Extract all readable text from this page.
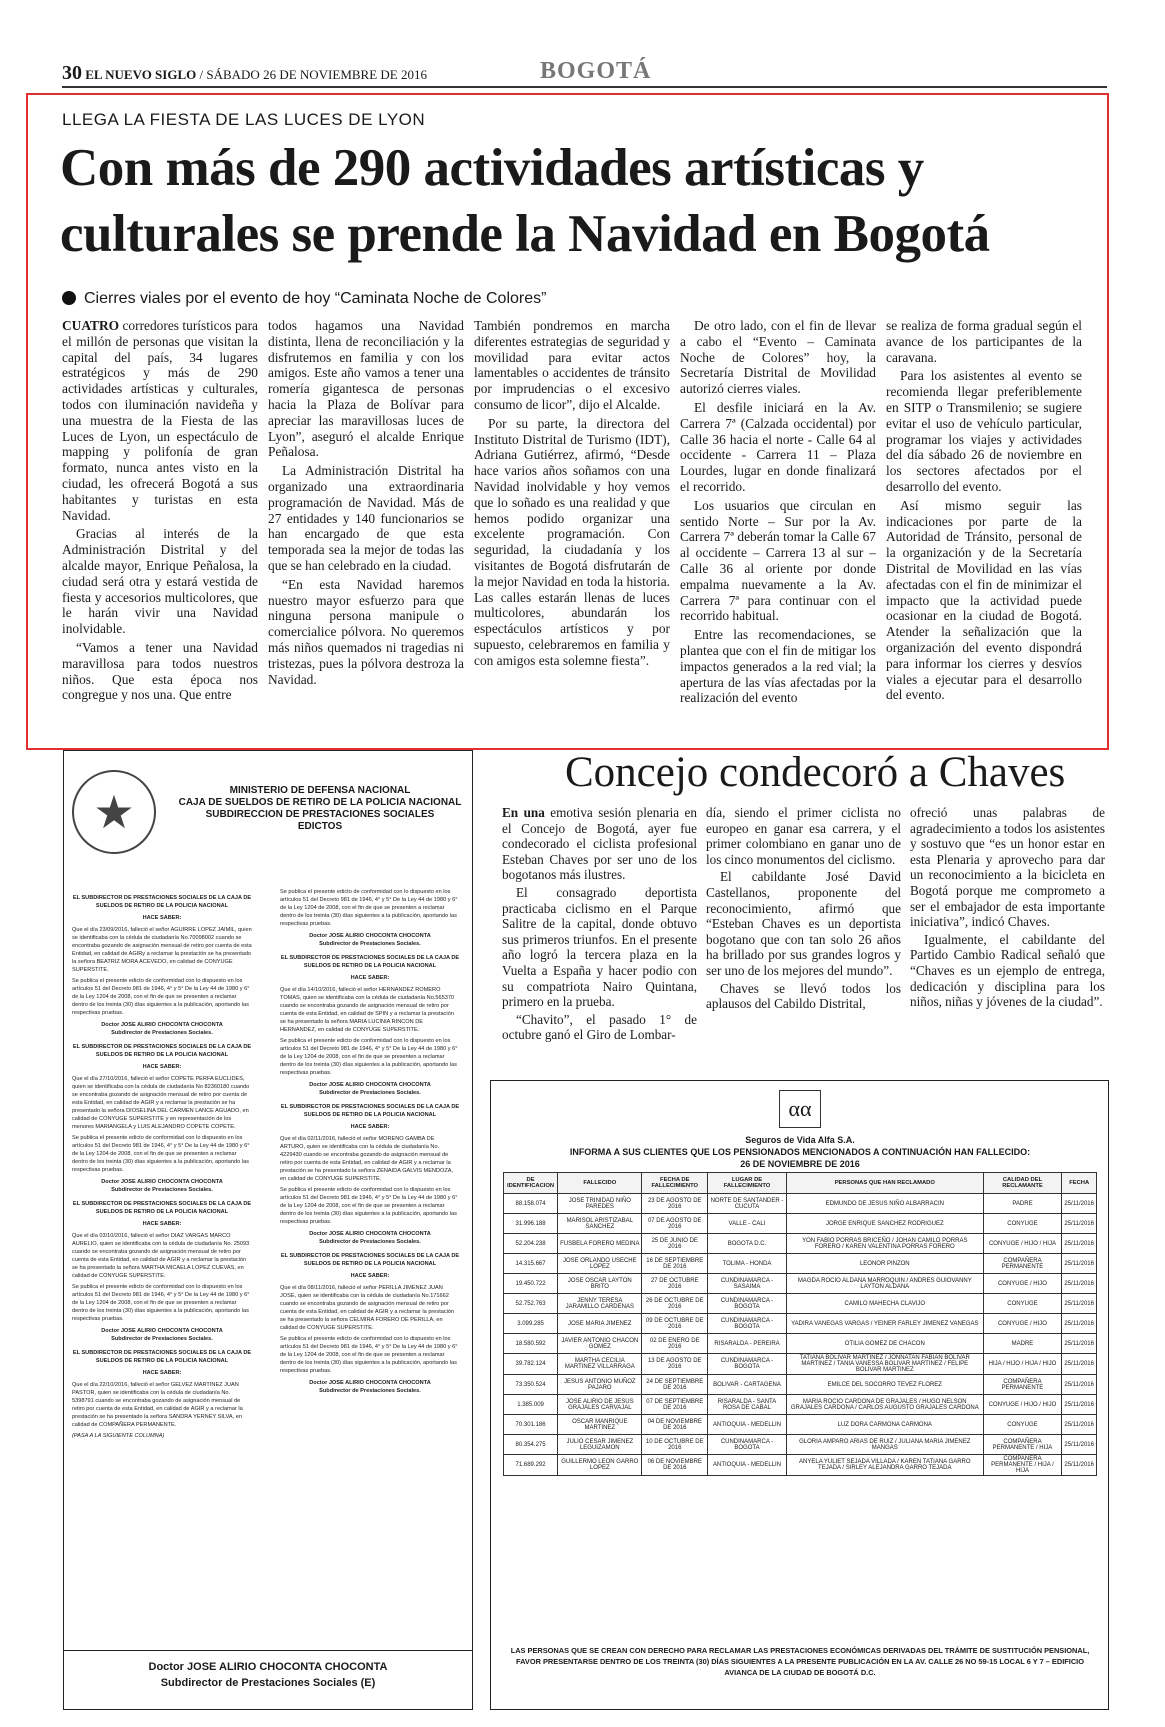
30 EL NUEVO SIGLO / SÁBADO 26 DE NOVIEMBRE DE 2016	BOGOTÁ
LLEGA LA FIESTA DE LAS LUCES DE LYON
Con más de 290 actividades artísticas y culturales se prende la Navidad en Bogotá
Cierres viales por el evento de hoy “Caminata Noche de Colores”

CUATRO corredores turísticos para el millón de personas que visitan la capital del país, 34 lugares estratégicos y más de 290 actividades artísticas y culturales, todos con iluminación navideña y una muestra de la Fiesta de las Luces de Lyon, un espectáculo de mapping y polifonía de gran formato, nunca antes visto en la ciudad, les ofrecerá Bogotá a sus habitantes y turistas en esta Navidad.

Gracias al interés de la Administración Distrital y del alcalde mayor, Enrique Peñalosa, la ciudad será otra y estará vestida de fiesta y accesorios multicolores, que le harán vivir una Navidad inolvidable.

“Vamos a tener una Navidad maravillosa para todos nuestros niños. Que esta época nos congregue y nos una. Que entre

todos hagamos una Navidad distinta, llena de reconciliación y la disfrutemos en familia y con los amigos. Este año vamos a tener una romería gigantesca de personas hacia la Plaza de Bolívar para apreciar las maravillosas luces de Lyon”, aseguró el alcalde Enrique Peñalosa.

La Administración Distrital ha organizado una extraordinaria programación de Navidad. Más de 27 entidades y 140 funcionarios se han encargado de que esta temporada sea la mejor de todas las que se han celebrado en la ciudad.

“En esta Navidad haremos nuestro mayor esfuerzo para que ninguna persona manipule o comercialice pólvora. No queremos más niños quemados ni tragedias ni tristezas, pues la pólvora destroza la Navidad.

También pondremos en marcha diferentes estrategias de seguridad y movilidad para evitar actos lamentables o accidentes de tránsito por imprudencias o el excesivo consumo de licor”, dijo el Alcalde.

Por su parte, la directora del Instituto Distrital de Turismo (IDT), Adriana Gutiérrez, afirmó, “Desde hace varios años soñamos con una Navidad inolvidable y hoy vemos que lo soñado es una realidad y que hemos podido organizar una excelente programación. Con seguridad, la ciudadanía y los visitantes de Bogotá disfrutarán de la mejor Navidad en toda la historia. Las calles estarán llenas de luces multicolores, abundarán los espectáculos artísticos y por supuesto, celebraremos en familia y con amigos esta solemne fiesta”.

De otro lado, con el fin de llevar a cabo el “Evento – Caminata Noche de Colores” hoy, la Secretaría Distrital de Movilidad autorizó cierres viales.

El desfile iniciará en la Av. Carrera 7ª (Calzada occidental) por Calle 36 hacia el norte - Calle 64 al occidente - Carrera 11 – Plaza Lourdes, lugar en donde finalizará el recorrido.

Los usuarios que circulan en sentido Norte – Sur por la Av. Carrera 7ª deberán tomar la Calle 67 al occidente – Carrera 13 al sur – Calle 36 al oriente por donde empalma nuevamente a la Av. Carrera 7ª para continuar con el recorrido habitual.

Entre las recomendaciones, se plantea que con el fin de mitigar los impactos generados a la red vial; la apertura de las vías afectadas por la realización del evento

se realiza de forma gradual según el avance de los participantes de la caravana.

Para los asistentes al evento se recomienda llegar preferiblemente en SITP o Transmilenio; se sugiere evitar el uso de vehículo particular, programar los viajes y actividades del día sábado 26 de noviembre en los sectores afectados por el desarrollo del evento.

Así mismo seguir las indicaciones por parte de la Autoridad de Tránsito, personal de la organización y de la Secretaría Distrital de Movilidad en las vías afectadas con el fin de minimizar el impacto que la actividad puede ocasionar en la ciudad de Bogotá. Atender la señalización que la organización del evento dispondrá para informar los cierres y desvíos viales a ejecutar para el desarrollo del evento.

★	MINISTERIO DE DEFENSA NACIONAL
CAJA DE SUELDOS DE RETIRO DE LA POLICIA NACIONAL
SUBDIRECCION DE PRESTACIONES SOCIALES
EDICTOS
EL SUBDIRECTOR DE PRESTACIONES SOCIALES DE LA CAJA DE SUELDOS DE RETIRO DE LA POLICIA NACIONAL
HACE SABER:

Que el día 23/09/2016, falleció el señor AGUIRRE LOPEZ JAIMIL, quien se identificaba con la cédula de ciudadanía No.70098002 cuando se encontraba gozando de asignación mensual de retiro por cuenta de esta Entidad, en calidad de AGIRy a reclamar la prestación se ha presentado la señora BEATRIZ MORA ACEVEDO, en calidad de CONYUGE SUPERSTITE.

Se publica el presente edicto de conformidad con lo dispuesto en los artículos 51 del Decreto 981 de 1946, 4° y 5° De la Ley 44 de 1980 y 6° de la Ley 1204 de 2008, con el fin de que se presenten a reclamar dentro de los treinta (30) días siguientes a la publicación, aportando las respectivas pruebas.

Doctor JOSE ALIRIO CHOCONTA CHOCONTA
Subdirector de Prestaciones Sociales.
EL SUBDIRECTOR DE PRESTACIONES SOCIALES DE LA CAJA DE SUELDOS DE RETIRO DE LA POLICIA NACIONAL
HACE SABER:

Que el día 27/10/2016, falleció el señor COPETE PERFA EUCLIDES, quien se identificaba con la cédula de ciudadanía No 82360180 cuando se encontraba gozando de asignación mensual de retiro por cuenta de esta Entidad, en calidad de AGIR y a reclamar la prestación se ha presentado la señora DIOSELINA DEL CARMEN LANCE AGUADO, en calidad de CONYUGE SUPERSTITE y en representación de los menores MARIANGELA y LUIS ALEJANDRO COPETE COPETE.

Se publica el presente edicto de conformidad con lo dispuesto en los artículos 51 del Decreto 981 de 1946, 4° y 5° De la Ley 44 de 1980 y 6° de la Ley 1204 de 2008, con el fin de que se presenten a reclamar dentro de los treinta (30) días siguientes a la publicación, aportando las respectivas pruebas.

Doctor JOSE ALIRIO CHOCONTA CHOCONTA
Subdirector de Prestaciones Sociales.
EL SUBDIRECTOR DE PRESTACIONES SOCIALES DE LA CAJA DE SUELDOS DE RETIRO DE LA POLICIA NACIONAL
HACE SABER:

Que el día 03/10/2016, falleció el señor DIAZ VARGAS MARCO AURELIO, quien se identificaba con la cédula de ciudadanía No. 25093 cuando se encontraba gozando de asignación mensual de retiro por cuenta de esta Entidad, en calidad de AGIR y a reclamar la prestación se ha presentado la señora MARTHA MICAELA LOPEZ CUEVAS, en calidad de CONYUGE SUPERSTITE.

Se publica el presente edicto de conformidad con lo dispuesto en los artículos 51 del Decreto 981 de 1946, 4° y 5° De la Ley 44 de 1980 y 6° de la Ley 1204 de 2008, con el fin de que se presenten a reclamar dentro de los treinta (30) días siguientes a la publicación, aportando las respectivas pruebas.

Doctor JOSE ALIRIO CHOCONTA CHOCONTA
Subdirector de Prestaciones Sociales.
EL SUBDIRECTOR DE PRESTACIONES SOCIALES DE LA CAJA DE SUELDOS DE RETIRO DE LA POLICIA NACIONAL
HACE SABER:

Que el día 22/10/2016, falleció el señor GELVEZ MARTINEZ JUAN PASTOR, quien se identificaba con la cédula de ciudadanía No. 5398791 cuando se encontraba gozando de asignación mensual de retiro por cuenta de esta Entidad, en calidad de AGIR y a reclamar la prestación se ha presentado la señora SANDRA YERNEY SILVA, en calidad de COMPAÑERA PERMANENTE.

(PASA A LA SIGUIENTE COLUMNA)

Se publica el presente edicto de conformidad con lo dispuesto en los artículos 51 del Decreto 981 de 1946, 4° y 5° De la Ley 44 de 1980 y 6° de la Ley 1204 de 2008, con el fin de que se presenten a reclamar dentro de los treinta (30) días siguientes a la publicación, aportando las respectivas pruebas.

Doctor JOSE ALIRIO CHOCONTA CHOCONTA
Subdirector de Prestaciones Sociales.
EL SUBDIRECTOR DE PRESTACIONES SOCIALES DE LA CAJA DE SUELDOS DE RETIRO DE LA POLICIA NACIONAL
HACE SABER:

Que el día 14/10/2016, falleció el señor HERNANDEZ ROMERO TOMAS, quien se identificaba con la cédula de ciudadanía No.565370 cuando se encontraba gozando de asignación mensual de retiro por cuenta de esta Entidad, en calidad de SPIN y a reclamar la prestación se ha presentado la señora MARIA LUCINIA RINCON DE HERNANDEZ, en calidad de CONYUGE SUPERSTITE.

Se publica el presente edicto de conformidad con lo dispuesto en los artículos 51 del Decreto 981 de 1946, 4° y 5° De la Ley 44 de 1980 y 6° de la Ley 1204 de 2008, con el fin de que se presenten a reclamar dentro de los treinta (30) días siguientes a la publicación, aportando las respectivas pruebas.

Doctor JOSE ALIRIO CHOCONTA CHOCONTA
Subdirector de Prestaciones Sociales.
EL SUBDIRECTOR DE PRESTACIONES SOCIALES DE LA CAJA DE SUELDOS DE RETIRO DE LA POLICIA NACIONAL
HACE SABER:

Que el día 02/11/2016, falleció el señor MORENO GAMBA DE ARTURO, quien se identificaba con la cédula de ciudadanía No. 4229430 cuando se encontraba gozando de asignación mensual de retiro por cuenta de esta Entidad, en calidad de AGIR y a reclamar la prestación se ha presentado la señora ZENAIDA GALVIS MENDOZA, en calidad de CONYUGE SUPERSTITE.

Se publica el presente edicto de conformidad con lo dispuesto en los artículos 51 del Decreto 981 de 1946, 4° y 5° De la Ley 44 de 1980 y 6° de la Ley 1204 de 2008, con el fin de que se presenten a reclamar dentro de los treinta (30) días siguientes a la publicación, aportando las respectivas pruebas.

Doctor JOSE ALIRIO CHOCONTA CHOCONTA
Subdirector de Prestaciones Sociales.
EL SUBDIRECTOR DE PRESTACIONES SOCIALES DE LA CAJA DE SUELDOS DE RETIRO DE LA POLICIA NACIONAL
HACE SABER:

Que el día 08/11/2016, falleció el señor PERILLA JIMENEZ JUAN JOSE, quien se identificaba con la cédula de ciudadanía No.171662 cuando se encontraba gozando de asignación mensual de retiro por cuenta de esta Entidad, en calidad de AGIR y a reclamar la prestación se ha presentado la señora CELMIRA FORERO DE PERILLA, en calidad de CONYUGE SUPERSTITE.

Se publica el presente edicto de conformidad con lo dispuesto en los artículos 51 del Decreto 981 de 1946, 4° y 5° De la Ley 44 de 1980 y 6° de la Ley 1204 de 2008, con el fin de que se presenten a reclamar dentro de los treinta (30) días siguientes a la publicación, aportando las respectivas pruebas.

Doctor JOSE ALIRIO CHOCONTA CHOCONTA
Subdirector de Prestaciones Sociales.
Doctor JOSE ALIRIO CHOCONTA CHOCONTA
Subdirector de Prestaciones Sociales (E)
Concejo condecoró a Chaves

En una emotiva sesión plenaria en el Concejo de Bogotá, ayer fue condecorado el ciclista profesional Esteban Chaves por ser uno de los bogotanos más ilustres.

El consagrado deportista practicaba ciclismo en el Parque Salitre de la capital, donde obtuvo sus primeros triunfos. En el presente año logró la tercera plaza en la Vuelta a España y hacer podio con su compatriota Nairo Quintana, primero en la prueba.

“Chavito”, el pasado 1° de octubre ganó el Giro de Lombar-

día, siendo el primer ciclista no europeo en ganar esa carrera, y el primer colombiano en ganar uno de los cinco monumentos del ciclismo.

El cabildante José David Castellanos, proponente del reconocimiento, afirmó que “Esteban Chaves es un deportista bogotano que con tan solo 26 años ha brillado por sus grandes logros y ser uno de los mejores del mundo”.

Chaves se llevó todos los aplausos del Cabildo Distrital,

ofreció unas palabras de agradecimiento a todos los asistentes y sostuvo que “es un honor estar en esta Plenaria y aprovecho para dar un reconocimiento a la bicicleta en Bogotá porque me comprometo a ser el embajador de esta importante iniciativa”, indicó Chaves.

Igualmente, el cabildante del Partido Cambio Radical señaló que “Chaves es un ejemplo de entrega, dedicación y disciplina para los niños, niñas y jóvenes de la ciudad”.

αα
Seguros de Vida Alfa S.A.
INFORMA A SUS CLIENTES QUE LOS PENSIONADOS MENCIONADOS A CONTINUACIÓN HAN FALLECIDO:
26 DE NOVIEMBRE DE 2016
DE IDENTIFICACION	FALLECIDO	FECHA DE FALLECIMIENTO	LUGAR DE FALLECIMIENTO	PERSONAS QUE HAN RECLAMADO	CALIDAD DEL RECLAMANTE	FECHA
88.158.074	JOSE TRINIDAD NIÑO PAREDES	23 DE AGOSTO DE 2016	NORTE DE SANTANDER - CUCUTA	EDMUNDO DE JESUS NIÑO ALBARRACIN	PADRE	25/11/2016
31.996.188	MARISOL ARISTIZABAL SANCHEZ	07 DE AGOSTO DE 2016	VALLE - CALI	JORGE ENRIQUE SANCHEZ RODRIGUEZ	CONYUGE	25/11/2016
52.204.238	FUSBELA FORERO MEDINA	25 DE JUNIO DE 2016	BOGOTA D.C.	YON FABIO PORRAS BRICEÑO / JOHAN CAMILO PORRAS FORERO / KAREN VALENTINA PORRAS FORERO	CONYUGE / HIJO / HIJA	25/11/2016
14.315.667	JOSE ORLANDO USECHE LOPEZ	16 DE SEPTIEMBRE DE 2016	TOLIMA - HONDA	LEONOR PINZON	COMPAÑERA PERMANENTE	25/11/2016
19.450.722	JOSE OSCAR LAYTON BRITO	27 DE OCTUBRE 2016	CUNDINAMARCA - SASAIMA	MAGDA ROCIO ALDANA MARROQUIN / ANDRES GUIOVANNY LAYTON ALDANA	CONYUGE / HIJO	25/11/2016
52.752.763	JENNY TERESA JARAMILLO CARDENAS	26 DE OCTUBRE DE 2016	CUNDINAMARCA - BOGOTA	CAMILO MAHECHA CLAVIJO	CONYUGE	25/11/2016
3.099.285	JOSE MARIA JIMENEZ	09 DE OCTUBRE DE 2016	CUNDINAMARCA - BOGOTA	YADIRA VANEGAS VARGAS / YEINER FARLEY JIMENEZ VANEGAS	CONYUGE / HIJO	25/11/2016
18.580.592	JAVIER ANTONIO CHACON GOMEZ	02 DE ENERO DE 2016	RISARALDA - PEREIRA	OTILIA GOMEZ DE CHACON	MADRE	25/11/2016
39.782.124	MARTHA CECILIA MARTINEZ VILLARRAGA	13 DE AGOSTO DE 2016	CUNDINAMARCA - BOGOTA	TATIANA BOLIVAR MARTINEZ / JONNATAN FABIAN BOLIVAR MARTINEZ / TANIA VANESSA BOLIVAR MARTINEZ / FELIPE BOLIVAR MARTINEZ	HIJA / HIJO / HIJA / HIJO	25/11/2016
73.350.524	JESUS ANTONIO MUÑOZ PAJARO	24 DE SEPTIEMBRE DE 2016	BOLIVAR - CARTAGENA	EMILCE DEL SOCORRO TEVEZ FLOREZ	COMPAÑERA PERMANENTE	25/11/2016
1.385.009	JOSE ALIRIO DE JESUS GRAJALES CARVAJAL	07 DE SEPTIEMBRE DE 2016	RISARALDA - SANTA ROSA DE CABAL	MARIA ROCIO CARDONA DE GRAJALES / HUGO NELSON GRAJALES CARDONA / CARLOS AUGUSTO GRAJALES CARDONA	CONYUGE / HIJO / HIJO	25/11/2016
70.301.186	OSCAR MANRIQUE MARTINEZ	04 DE NOVIEMBRE DE 2016	ANTIOQUIA - MEDELLIN	LUZ DORA CARMONA CARMONA	CONYUGE	25/11/2016
80.354.275	JULIO CESAR JIMENEZ LEGUIZAMON	10 DE OCTUBRE DE 2016	CUNDINAMARCA - BOGOTA	GLORIA AMPARO ARIAS DE RUIZ / JULIANA MARIA JIMENEZ MANGAS	COMPAÑERA PERMANENTE / HIJA	25/11/2016
71.689.292	GUILLERMO LEON GARRO LOPEZ	06 DE NOVIEMBRE DE 2016	ANTIOQUIA - MEDELLIN	ANYELA YULIET SEJADA VILLADA / KAREN TATIANA GARRO TEJADA / SIRLEY ALEJANDRA GARRO TEJADA	COMPAÑERA PERMANENTE / HIJA / HIJA	25/11/2016
LAS PERSONAS QUE SE CREAN CON DERECHO PARA RECLAMAR LAS PRESTACIONES ECONÓMICAS DERIVADAS DEL TRÁMITE DE SUSTITUCIÓN PENSIONAL, FAVOR PRESENTARSE DENTRO DE LOS TREINTA (30) DÍAS SIGUIENTES A LA PRESENTE PUBLICACIÓN EN LA AV. CALLE 26 NO 59-15 LOCAL 6 Y 7 – EDIFICIO AVIANCA DE LA CIUDAD DE BOGOTÁ D.C.
